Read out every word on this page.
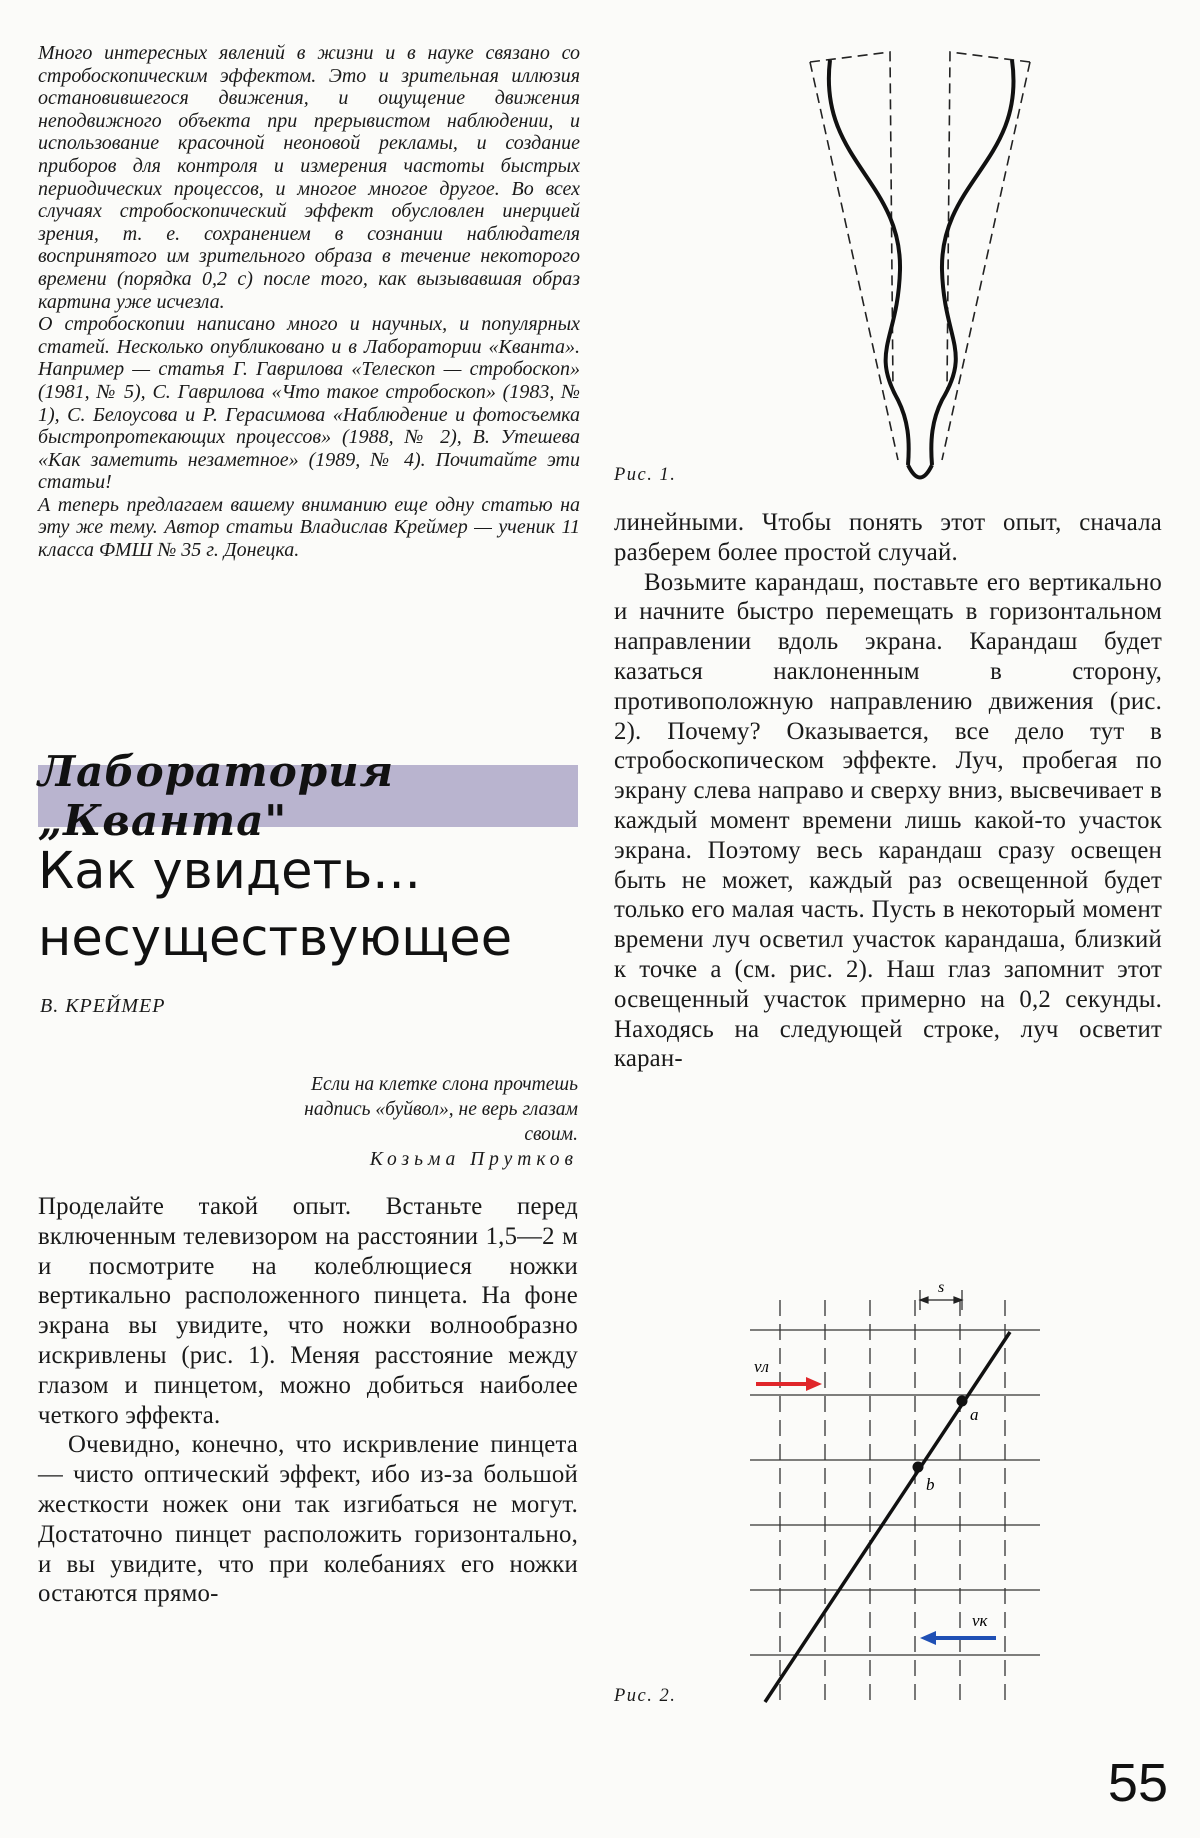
Много интересных явлений в жизни и в науке связано со стробоскопическим эффектом. Это и зрительная иллюзия остановившегося движения, и ощущение движения неподвижного объекта при прерывистом наблюдении, и использование красочной неоновой рекламы, и создание приборов для контроля и измерения частоты быстрых периодических процессов, и многое многое другое. Во всех случаях стробоскопический эффект обусловлен инерцией зрения, т. е. сохранением в сознании наблюдателя воспринятого им зрительного образа в течение некоторого времени (порядка 0,2 с) после того, как вызывавшая образ картина уже исчезла.

О стробоскопии написано много и научных, и популярных статей. Несколько опубликовано и в Лаборатории «Кванта». Например — статья Г. Гаврилова «Телескоп — стробоскоп» (1981, № 5), С. Гаврилова «Что такое стробоскоп» (1983, № 1), С. Белоусова и Р. Герасимова «Наблюдение и фотосъемка быстропротекающих процессов» (1988, № 2), В. Утешева «Как заметить незаметное» (1989, № 4). Почитайте эти статьи!

А теперь предлагаем вашему вниманию еще одну статью на эту же тему. Автор статьи Владислав Креймер — ученик 11 класса ФМШ № 35 г. Донецка.

Лаборатория „Кванта"
Как увидеть...
несуществующее
В. КРЕЙМЕР
Если на клетке слона прочтешь
надпись «буйвол», не верь глазам
своим.
Козьма Прутков

Проделайте такой опыт. Встаньте перед включенным телевизором на расстоянии 1,5—2 м и посмотрите на колеблющиеся ножки вертикально расположенного пинцета. На фоне экрана вы увидите, что ножки волнообразно искривлены (рис. 1). Меняя расстояние между глазом и пинцетом, можно добиться наиболее четкого эффекта.

Очевидно, конечно, что искривление пинцета — чисто оптический эффект, ибо из-за большой жесткости ножек они так изгибаться не могут. Достаточно пинцет расположить горизонтально, и вы увидите, что при колебаниях его ножки остаются прямо-

линейными. Чтобы понять этот опыт, сначала разберем более простой случай.

Возьмите карандаш, поставьте его вертикально и начните быстро перемещать в горизонтальном направлении вдоль экрана. Карандаш будет казаться наклоненным в сторону, противоположную направлению движения (рис. 2). Почему? Оказывается, все дело тут в стробоскопическом эффекте. Луч, пробегая по экрану слева направо и сверху вниз, высвечивает в каждый момент времени лишь какой-то участок экрана. Поэтому весь карандаш сразу освещен быть не может, каждый раз освещенной будет только его малая часть. Пусть в некоторый момент времени луч осветил участок карандаша, близкий к точке а (см. рис. 2). Наш глаз запомнит этот освещенный участок примерно на 0,2 секунды. Находясь на следующей строке, луч осветит каран-

Рис. 1.
s
a
b
vл
vк
Рис. 2.
55
